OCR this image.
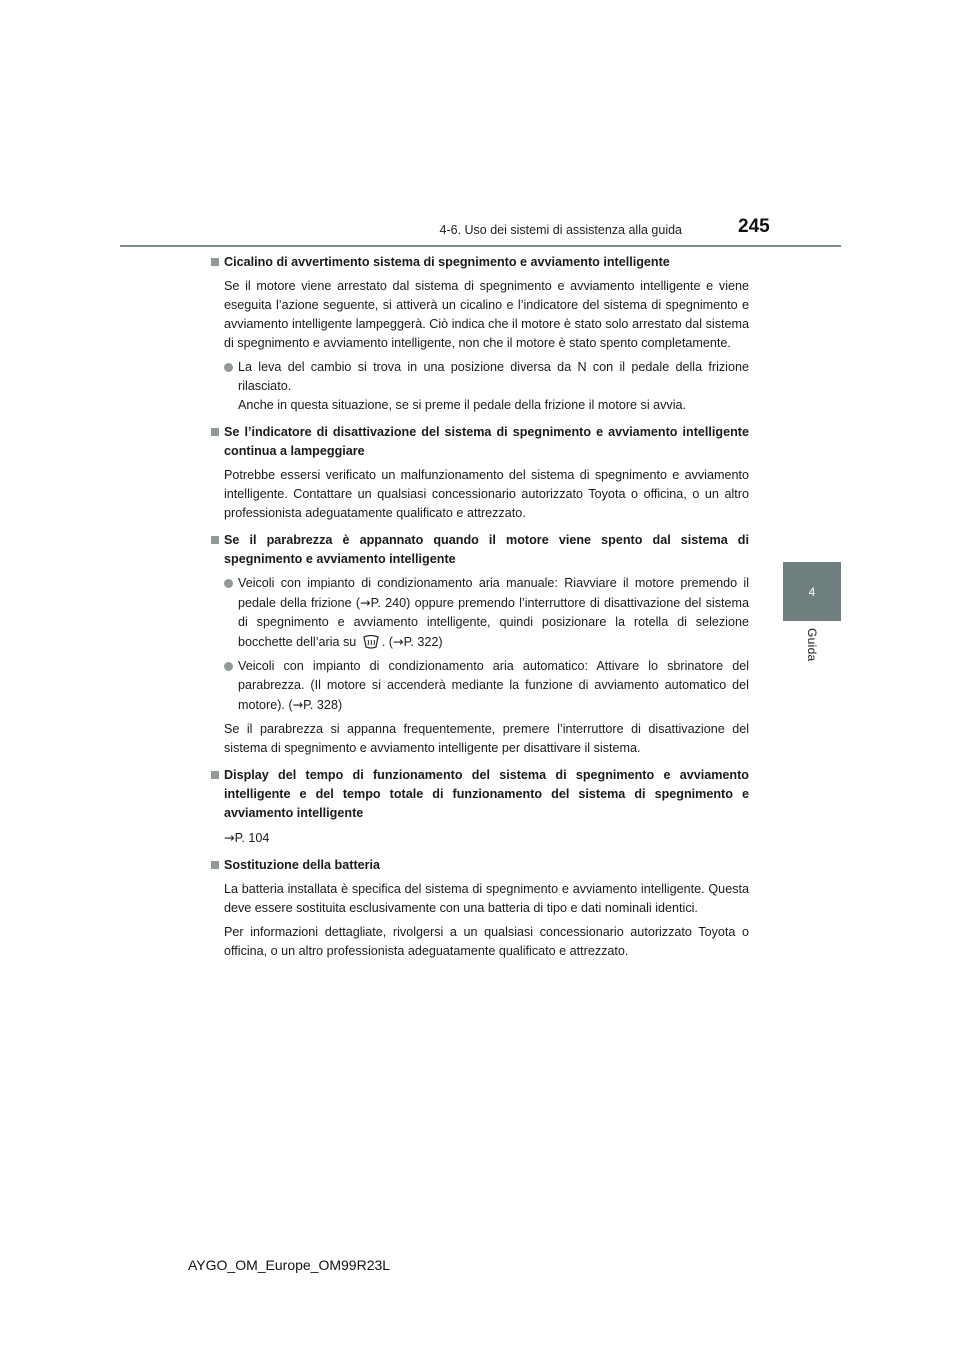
4-6. Uso dei sistemi di assistenza alla guida	245
4
Guida
Cicalino di avvertimento sistema di spegnimento e avviamento intelligente
Se il motore viene arrestato dal sistema di spegnimento e avviamento intelligente e viene eseguita l’azione seguente, si attiverà un cicalino e l’indicatore del sistema di spegnimento e avviamento intelligente lampeggerà. Ciò indica che il motore è stato solo arrestato dal sistema di spegnimento e avviamento intelligente, non che il motore è stato spento completamente.
La leva del cambio si trova in una posizione diversa da N con il pedale della frizione rilasciato.
Anche in questa situazione, se si preme il pedale della frizione il motore si avvia.
Se l’indicatore di disattivazione del sistema di spegnimento e avviamento intelligente continua a lampeggiare
Potrebbe essersi verificato un malfunzionamento del sistema di spegnimento e avviamento intelligente. Contattare un qualsiasi concessionario autorizzato Toyota o officina, o un altro professionista adeguatamente qualificato e attrezzato.
Se il parabrezza è appannato quando il motore viene spento dal sistema di spegnimento e avviamento intelligente
Veicoli con impianto di condizionamento aria manuale: Riavviare il motore premendo il pedale della frizione (→P. 240) oppure premendo l’interruttore di disattivazione del sistema di spegnimento e avviamento intelligente, quindi posizionare la rotella di selezione bocchette dell’aria su . (→P. 322)
Veicoli con impianto di condizionamento aria automatico: Attivare lo sbrinatore del parabrezza. (Il motore si accenderà mediante la funzione di avviamento automatico del motore). (→P. 328)
Se il parabrezza si appanna frequentemente, premere l’interruttore di disattivazione del sistema di spegnimento e avviamento intelligente per disattivare il sistema.
Display del tempo di funzionamento del sistema di spegnimento e avviamento intelligente e del tempo totale di funzionamento del sistema di spegnimento e avviamento intelligente
→P. 104
Sostituzione della batteria
La batteria installata è specifica del sistema di spegnimento e avviamento intelligente. Questa deve essere sostituita esclusivamente con una batteria di tipo e dati nominali identici.
Per informazioni dettagliate, rivolgersi a un qualsiasi concessionario autorizzato Toyota o officina, o un altro professionista adeguatamente qualificato e attrezzato.
AYGO_OM_Europe_OM99R23L
